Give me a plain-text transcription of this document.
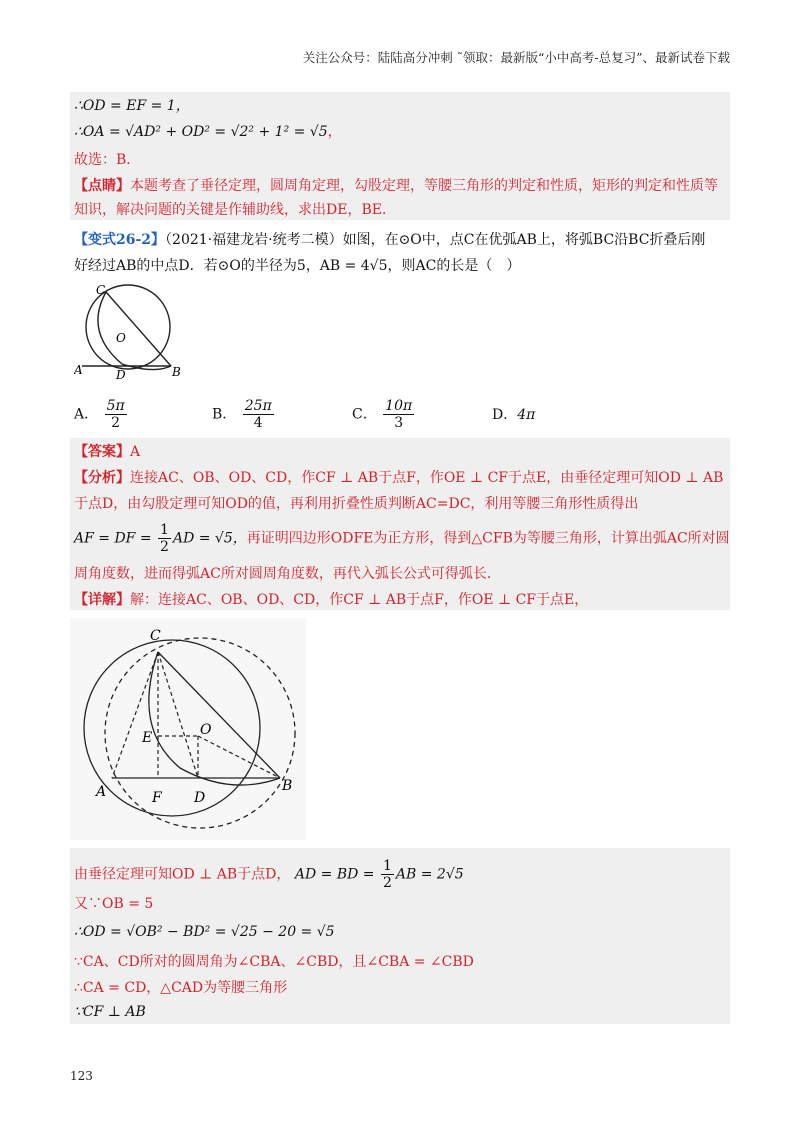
关注公众号：陆陆高分冲刺 ˜领取：最新版“小中高考-总复习”、最新试卷下载
∴OD = EF = 1，
∴OA = √AD² + OD² = √2² + 1² = √5，
故选：B．
【点睛】本题考查了垂径定理，圆周角定理，勾股定理，等腰三角形的判定和性质，矩形的判定和性质等
知识，解决问题的关键是作辅助线，求出DE，BE．
【变式26-2】（2021·福建龙岩·统考二模）如图，在⊙O中，点C在优弧AB上，将弧BC沿BC折叠后刚
好经过AB的中点D．若⊙O的半径为5，AB = 4√5，则AC的长是（　）
C
O
A	D	B
A． $\frac{5\pi}{2}$	B． $\frac{25\pi}{4}$	C． $\frac{10\pi}{3}$	D．4π
【答案】A
【分析】连接AC、OB、OD、CD，作CF ⊥ AB于点F，作OE ⊥ CF于点E，由垂径定理可知OD ⊥ AB
于点D，由勾股定理可知OD的值，再利用折叠性质判断AC=DC，利用等腰三角形性质得出
AF = DF = $\frac{1}{2}$ AD = √5，再证明四边形ODFE为正方形，得到△CFB为等腰三角形，计算出弧AC所对圆
周角度数，进而得弧AC所对圆周角度数，再代入弧长公式可得弧长．
【详解】解：连接AC、OB、OD、CD，作CF ⊥ AB于点F，作OE ⊥ CF于点E，
C
E	O
A	F D
B
由垂径定理可知OD ⊥ AB于点D， AD = BD = $\frac{1}{2}$ AB = 2√5
又∵OB = 5
∴OD = √OB² − BD² = √25 − 20 = √5
∵CA、CD所对的圆周角为∠CBA、∠CBD，且∠CBA = ∠CBD
∴CA = CD，△CAD为等腰三角形
∵CF ⊥ AB
123
